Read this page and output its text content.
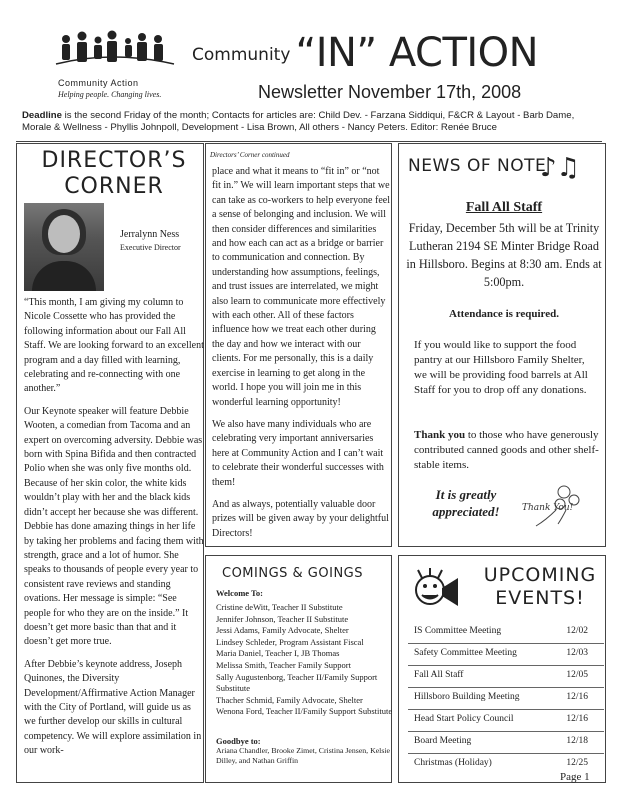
Community Action
Helping people. Changing lives.
Community “IN” ACTION
Newsletter November 17th, 2008
Deadline is the second Friday of the month; Contacts for articles are: Child Dev. - Farzana Siddiqui, F&CR & Layout - Barb Dame, Morale & Wellness - Phyllis Johnpoll, Development - Lisa Brown, All others - Nancy Peters. Editor: Renée Bruce
DIRECTOR’S
CORNER
Jerralynn Ness
Executive Director

“This month, I am giving my column to Nicole Cossette who has provided the following information about our Fall All Staff. We are looking forward to an excellent program and a day filled with learning, celebrating and re-connecting with one another.”

Our Keynote speaker will feature Debbie Wooten, a comedian from Tacoma and an expert on overcoming adversity. Debbie was born with Spina Bifida and then contracted Polio when she was only five months old. Because of her skin color, the white kids wouldn’t play with her and the black kids didn’t accept her because she was different. Debbie has done amazing things in her life by taking her problems and facing them with strength, grace and a lot of humor. She speaks to thousands of people every year to consistent rave reviews and standing ovations. Her message is simple: “See people for who they are on the inside.” It doesn’t get more basic than that and it doesn’t get more true.

After Debbie’s keynote address, Joseph Quinones, the Diversity Development/Affirmative Action Manager with the City of Portland, will guide us as we further develop our skills in cultural competency. We will explore assimilation in our work-

Directors’ Corner continued

place and what it means to “fit in” or “not fit in.” We will learn important steps that we can take as co-workers to help everyone feel a sense of belonging and inclusion. We will then consider differences and similarities and how each can act as a bridge or barrier to communication and connection. By understanding how assumptions, feelings, and trust issues are interrelated, we might also learn to communicate more effectively with each other. All of these factors influence how we treat each other during the day and how we interact with our clients. For me personally, this is a daily exercise in learning to get along in the world. I hope you will join me in this wonderful learning opportunity!

We also have many individuals who are celebrating very important anniversaries here at Community Action and I can’t wait to celebrate their wonderful successes with them!

And as always, potentially valuable door prizes will be given away by your delightful Directors!

NEWS OF NOTE
♪♫
Fall All Staff
Friday, December 5th will be at Trinity Lutheran 2194 SE Minter Bridge Road in Hillsboro. Begins at 8:30 am. Ends at 5:00pm.
Attendance is required.
If you would like to support the food pantry at our Hillsboro Family Shelter, we will be providing food barrels at All Staff for you to drop off any donations.
Thank you to those who have generously contributed canned goods and other shelf-stable items.
It is greatly appreciated!	Thank You!
COMINGS & GOINGS
Welcome To:
Cristine deWitt, Teacher II Substitute
Jennifer Johnson, Teacher II Substitute
Jessi Adams, Family Advocate, Shelter
Lindsey Schleder, Program Assistant Fiscal
Maria Daniel, Teacher I, JB Thomas
Melissa Smith, Teacher Family Support
Sally Augustenborg, Teacher II/Family Support Substitute
Thacher Schmid, Family Advocate, Shelter
Wenona Ford, Teacher II/Family Support Substitute
Goodbye to:
Ariana Chandler, Brooke Zimet, Cristina Jensen, Kelsie Dilley, and Nathan Griffin
UPCOMING
EVENTS!
IS Committee Meeting	12/02
Safety Committee Meeting	12/03
Fall All Staff	12/05
Hillsboro Building Meeting	12/16
Head Start Policy Council	12/16
Board Meeting	12/18
Christmas (Holiday)	12/25
Page 1
